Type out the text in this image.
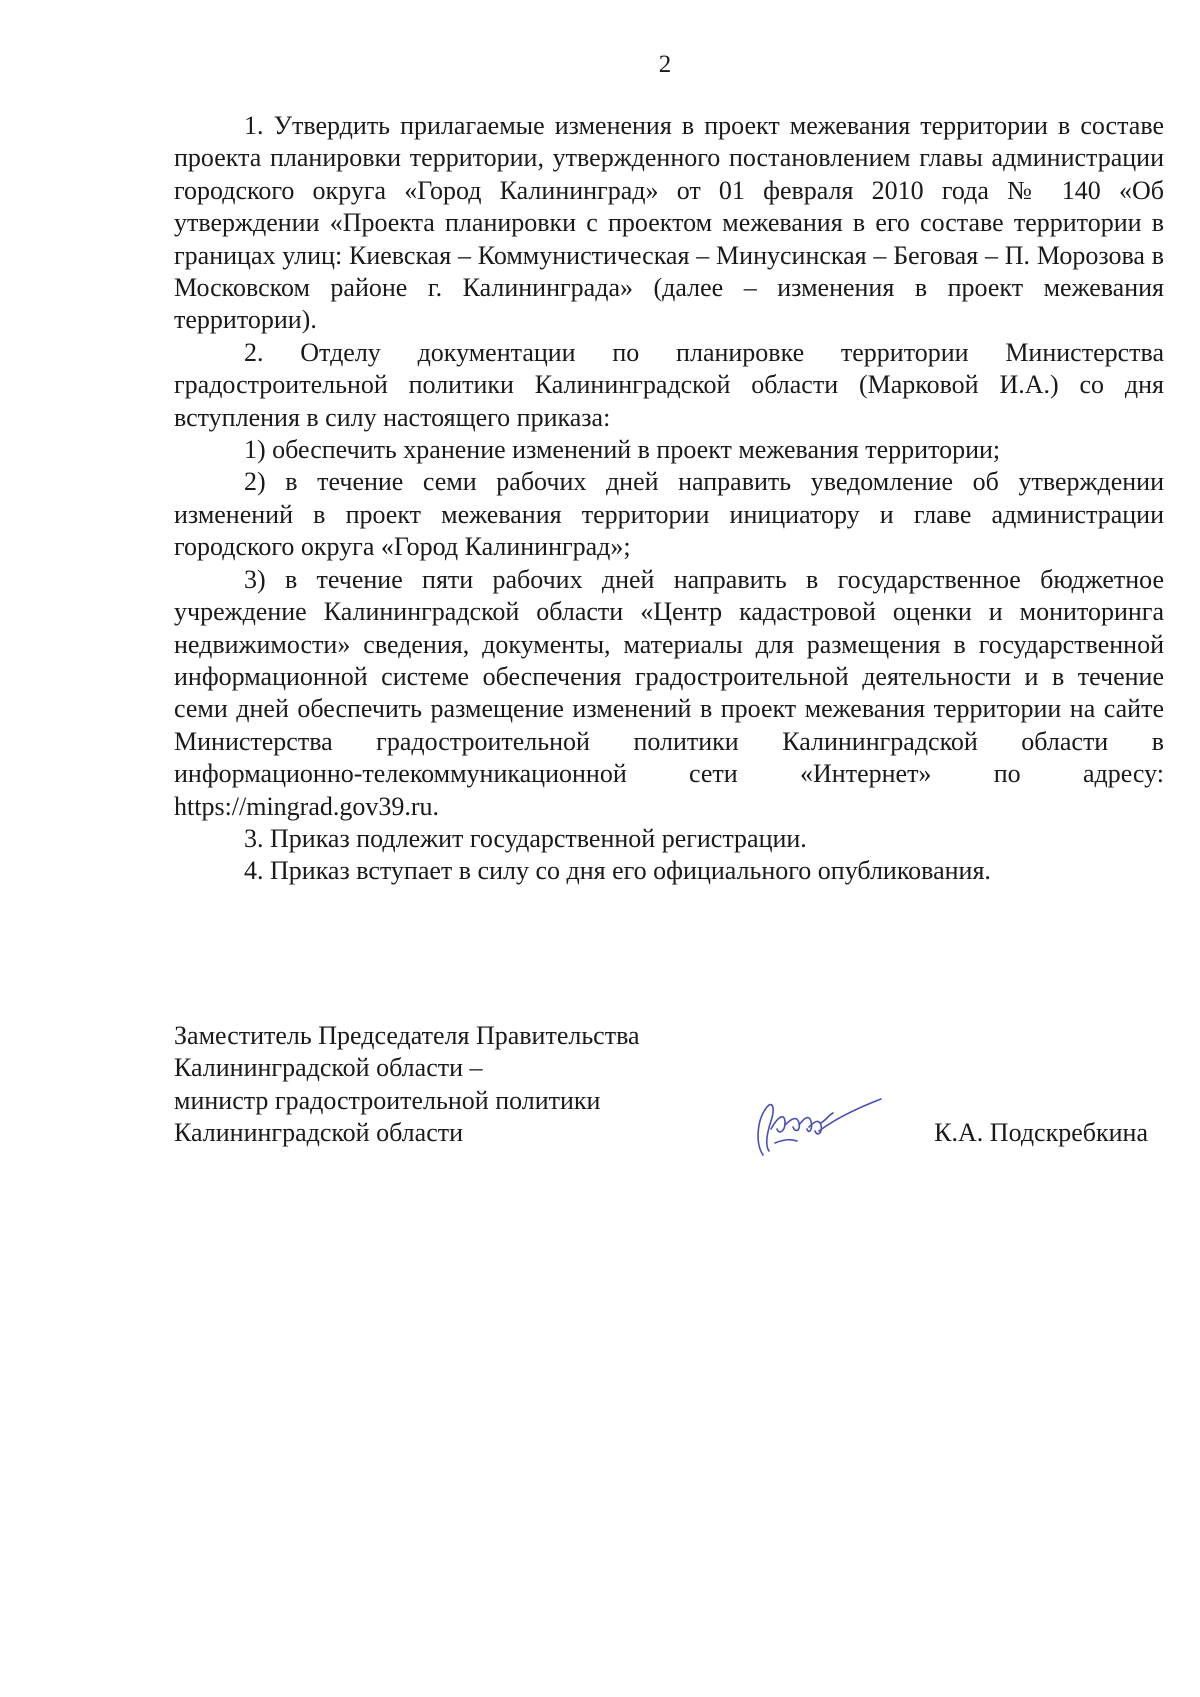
2

1. Утвердить прилагаемые изменения в проект межевания территории в составе проекта планировки территории, утвержденного постановлением главы администрации городского округа «Город Калининград» от 01 февраля 2010 года № 140 «Об утверждении «Проекта планировки с проектом межевания в его составе территории в границах улиц: Киевская – Коммунистическая – Минусинская – Беговая – П. Морозова в Московском районе г. Калининграда» (далее – изменения в проект межевания территории).

2. Отделу документации по планировке территории Министерства градостроительной политики Калининградской области (Марковой И.А.) со дня вступления в силу настоящего приказа:

1) обеспечить хранение изменений в проект межевания территории;

2) в течение семи рабочих дней направить уведомление об утверждении изменений в проект межевания территории инициатору и главе администрации городского округа «Город Калининград»;

3) в течение пяти рабочих дней направить в государственное бюджетное учреждение Калининградской области «Центр кадастровой оценки и мониторинга недвижимости» сведения, документы, материалы для размещения в государственной информационной системе обеспечения градостроительной деятельности и в течение семи дней обеспечить размещение изменений в проект межевания территории на сайте Министерства градостроительной политики Калининградской области в информационно-телекоммуникационной сети «Интернет» по адресу: https://mingrad.gov39.ru.

3. Приказ подлежит государственной регистрации.

4. Приказ вступает в силу со дня его официального опубликования.

Заместитель Председателя Правительства
Калининградской области –
министр градостроительной политики
Калининградской области	К.А. Подскребкина
